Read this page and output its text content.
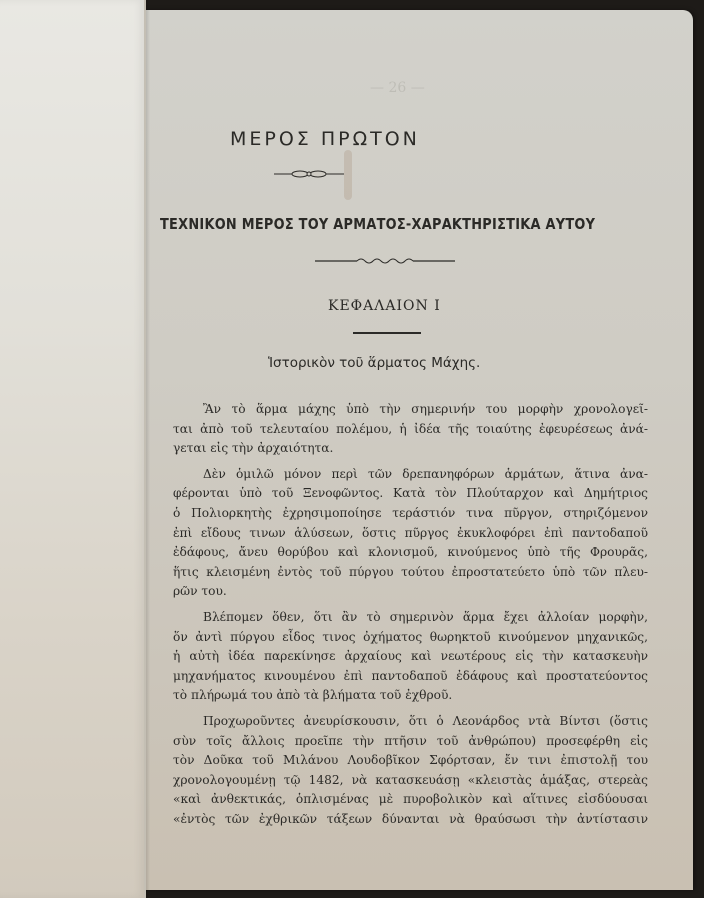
— 26 —
ΜΕΡΟΣ ΠΡΩΤΟΝ
ΤΕΧΝΙΚΟΝ ΜΕΡΟΣ ΤΟΥ ΑΡΜΑΤΟΣ-ΧΑΡΑΚΤΗΡΙΣΤΙΚΑ ΑΥΤΟΥ
ΚΕΦΑΛΑΙΟΝ Ι
Ἱστορικὸν τοῦ ἅρματος Μάχης.
Ἂν τὸ ἅρμα μάχης ὑπὸ τὴν σημερινήν του μορφὴν χρονολογεῖ-
ται ἀπὸ τοῦ τελευταίου πολέμου, ἡ ἰδέα τῆς τοιαύτης ἐφευρέσεως ἀνά-
γεται εἰς τὴν ἀρχαιότητα.
Δὲν ὁμιλῶ μόνον περὶ τῶν δρεπανηφόρων ἁρμάτων, ἅτινα ἀνα-
φέρονται ὑπὸ τοῦ Ξενοφῶντος. Κατὰ τὸν Πλούταρχον καὶ Δημήτριος
ὁ Πολιορκητὴς ἐχρησιμοποίησε τεράστιόν τινα πῦργον, στηριζόμενον
ἐπὶ εἴδους τινων ἁλύσεων, ὅστις πῦργος ἐκυκλοφόρει ἐπὶ παντοδαποῦ
ἐδάφους, ἄνευ θορύβου καὶ κλονισμοῦ, κινούμενος ὑπὸ τῆς Φρουρᾶς,
ἥτις κλεισμένη ἐντὸς τοῦ πύργου τούτου ἐπροστατεύετο ὑπὸ τῶν πλευ-
ρῶν του.
Βλέπομεν ὅθεν, ὅτι ἂν τὸ σημερινὸν ἅρμα ἔχει ἀλλοίαν μορφὴν,
ὅν ἀντὶ πύργου εἶδος τινος ὀχήματος θωρηκτοῦ κινούμενον μηχανικῶς,
ἡ αὐτὴ ἰδέα παρεκίνησε ἀρχαίους καὶ νεωτέρους εἰς τὴν κατασκευὴν
μηχανήματος κινουμένου ἐπὶ παντοδαποῦ ἐδάφους καὶ προστατεύοντος
τὸ πλήρωμά του ἀπὸ τὰ βλήματα τοῦ ἐχθροῦ.
Προχωροῦντες ἀνευρίσκουσιν, ὅτι ὁ Λεονάρδος ντὰ Βίντσι (ὅστις
σὺν τοῖς ἄλλοις προεῖπε τὴν πτῆσιν τοῦ ἀνθρώπου) προσεφέρθη εἰς
τὸν Δοῦκα τοῦ Μιλάνου Λουδοβῖκον Σφόρτσαν, ἔν τινι ἐπιστολῇ του
χρονολογουμένῃ τῷ 1482, νὰ κατασκευάσῃ «κλειστὰς ἁμάξας, στερεὰς
«καὶ ἀνθεκτικάς, ὁπλισμένας μὲ πυροβολικὸν καὶ αἵτινες εἰσδύουσαι
«ἐντὸς τῶν ἐχθρικῶν τάξεων δύνανται νὰ θραύσωσι τὴν ἀντίστασιν
